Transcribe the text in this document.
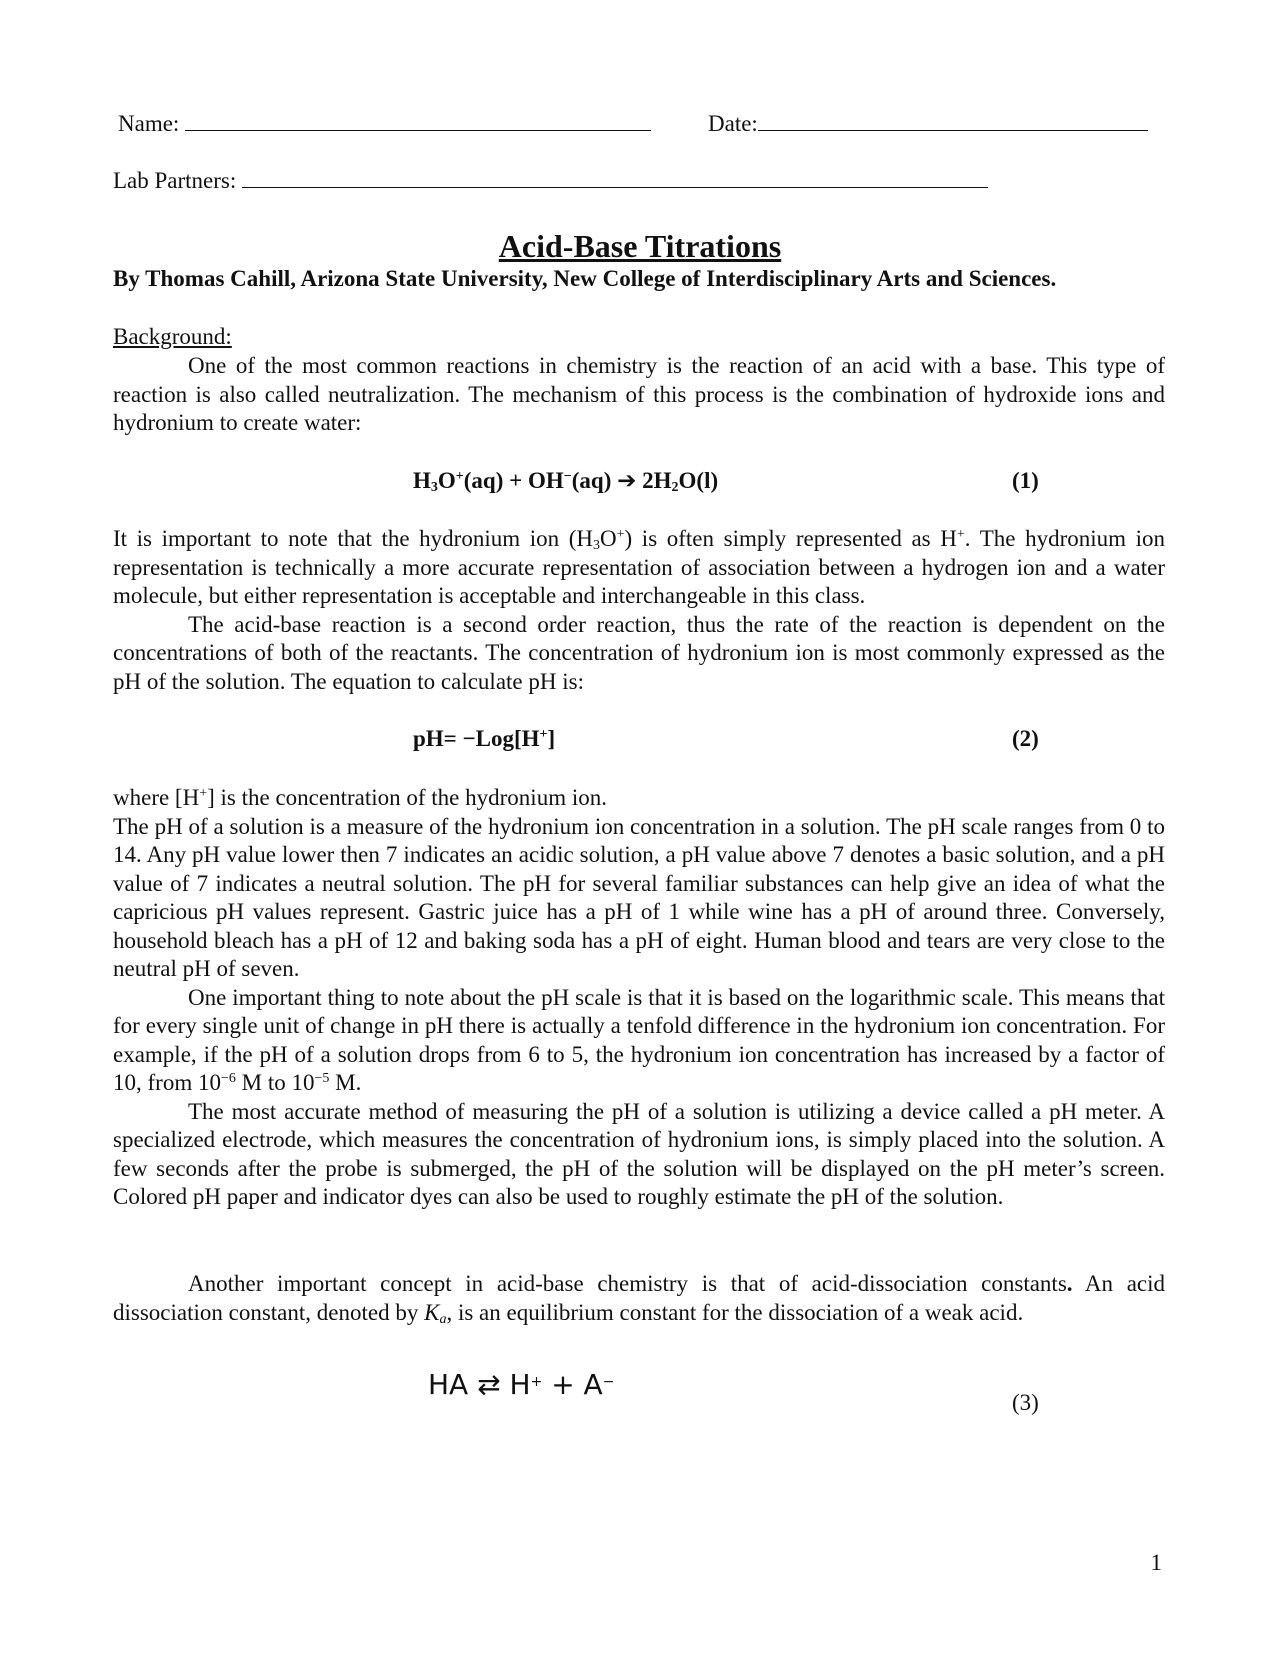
Name:	Date:
Lab Partners:
Acid-Base Titrations
By Thomas Cahill, Arizona State University, New College of Interdisciplinary Arts and Sciences.
Background:

One of the most common reactions in chemistry is the reaction of an acid with a base. This type of reaction is also called neutralization. The mechanism of this process is the combination of hydroxide ions and hydronium to create water:

$H_3O^+(aq) + OH^-(aq)$ ➔ $2H_2O(l)$	(1)

It is important to note that the hydronium ion $(H_3O^+)$ is often simply represented as H+. The hydronium ion representation is technically a more accurate representation of association between a hydrogen ion and a water molecule, but either representation is acceptable and interchangeable in this class.

The acid-base reaction is a second order reaction, thus the rate of the reaction is dependent on the concentrations of both of the reactants. The concentration of hydronium ion is most commonly expressed as the pH of the solution. The equation to calculate pH is:

pH= −Log[H+]	(2)

where [H+] is the concentration of the hydronium ion.

The pH of a solution is a measure of the hydronium ion concentration in a solution. The pH scale ranges from 0 to 14. Any pH value lower then 7 indicates an acidic solution, a pH value above 7 denotes a basic solution, and a pH value of 7 indicates a neutral solution. The pH for several familiar substances can help give an idea of what the capricious pH values represent. Gastric juice has a pH of 1 while wine has a pH of around three. Conversely, household bleach has a pH of 12 and baking soda has a pH of eight. Human blood and tears are very close to the neutral pH of seven.

One important thing to note about the pH scale is that it is based on the logarithmic scale. This means that for every single unit of change in pH there is actually a tenfold difference in the hydronium ion concentration. For example, if the pH of a solution drops from 6 to 5, the hydronium ion concentration has increased by a factor of 10, from $10^{-6}$ M to $10^{-5}$ M.

The most accurate method of measuring the pH of a solution is utilizing a device called a pH meter. A specialized electrode, which measures the concentration of hydronium ions, is simply placed into the solution. A few seconds after the probe is submerged, the pH of the solution will be displayed on the pH meter’s screen. Colored pH paper and indicator dyes can also be used to roughly estimate the pH of the solution.

Another important concept in acid-base chemistry is that of acid-dissociation constants. An acid dissociation constant, denoted by $K_a$, is an equilibrium constant for the dissociation of a weak acid.

HA ⇄ H+ + A−
(3)
1
